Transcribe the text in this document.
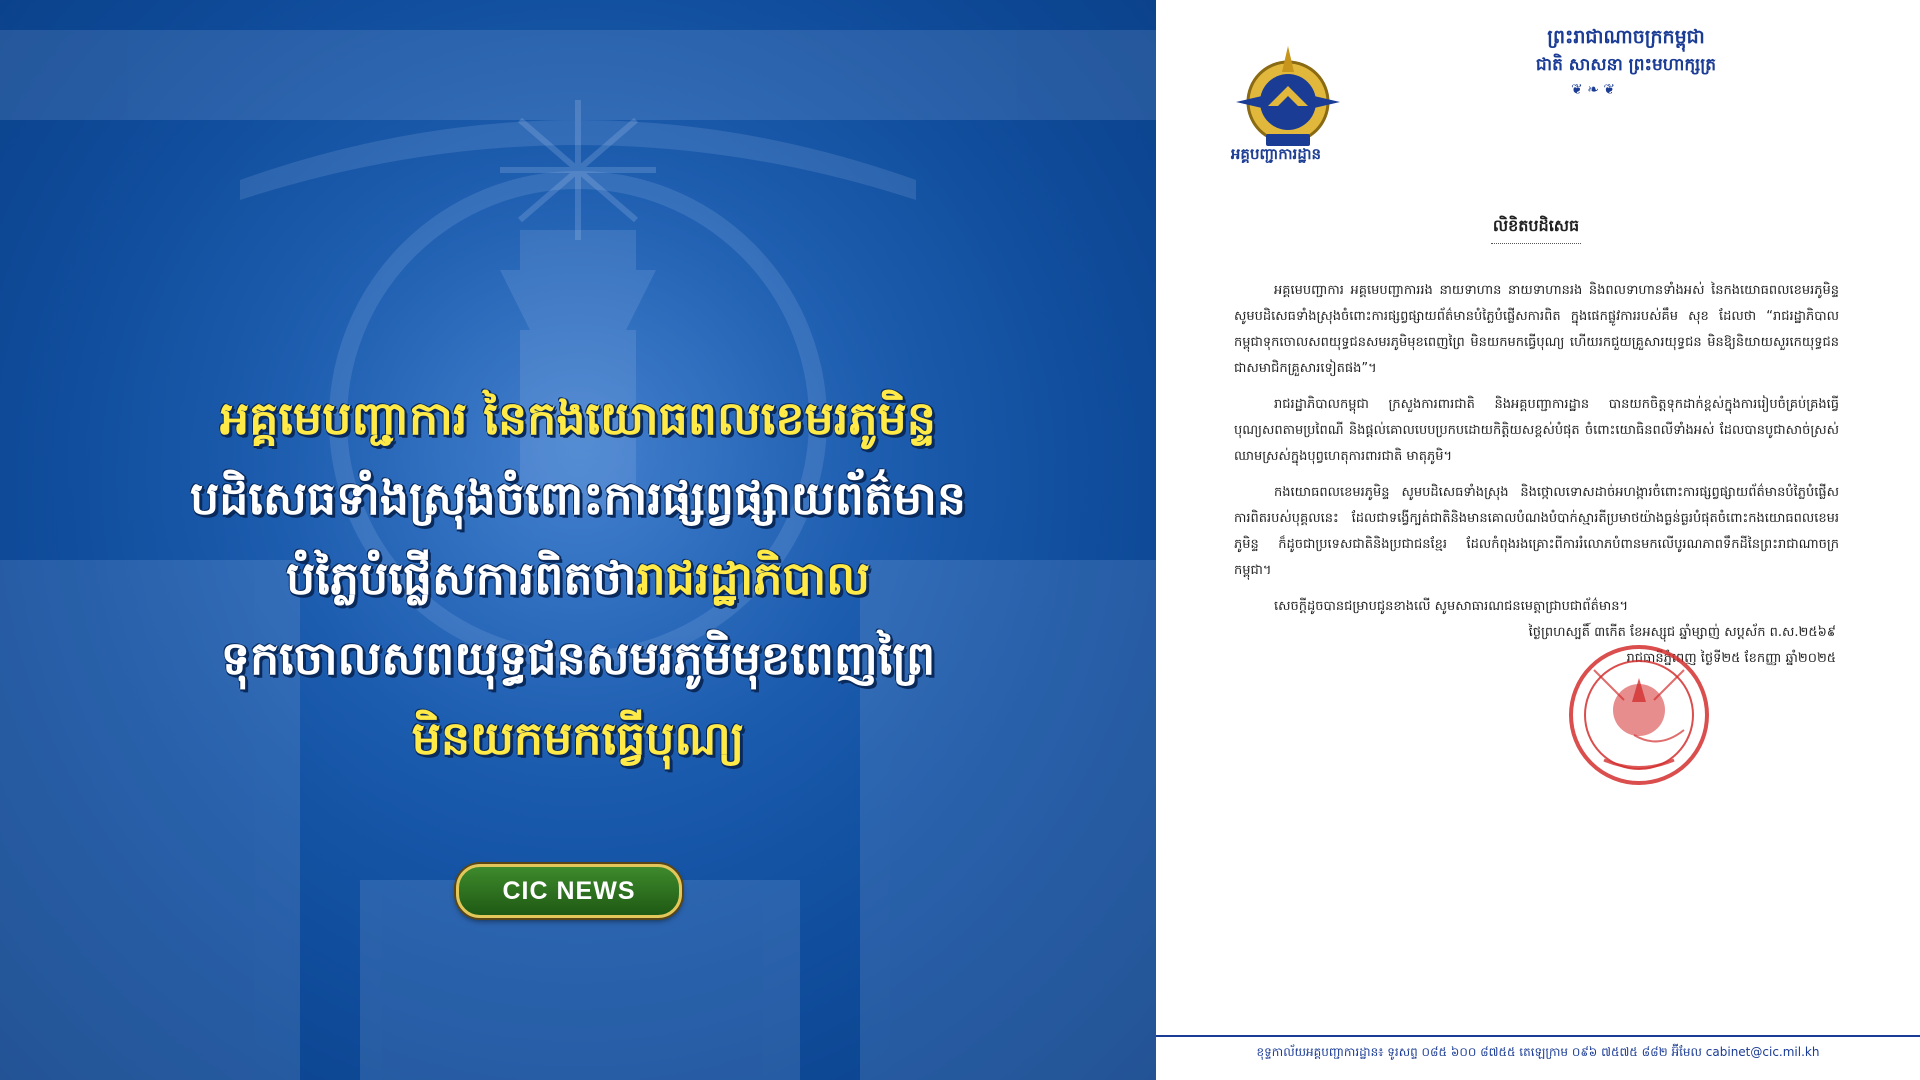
អគ្គមេបញ្ជាការ នៃកងយោធពលខេមរភូមិន្ទ
បដិសេធទាំងស្រុងចំពោះការផ្សព្វផ្សាយព័ត៌មាន
បំភ្លៃបំផ្លើសការពិតថារាជរដ្ឋាភិបាល
ទុកចោលសពយុទ្ធជនសមរភូមិមុខពេញព្រៃ
មិនយកមកធ្វើបុណ្យ
CIC NEWS
អគ្គបញ្ជាការដ្ឋាន
ព្រះរាជាណាចក្រកម្ពុជា
ជាតិ សាសនា ព្រះមហាក្សត្រ
❦ ❧ ❦
លិខិតបដិសេធ

អគ្គមេបញ្ជាការ អគ្គមេបញ្ជាការរង នាយទាហាន នាយទាហានរង និងពលទាហានទាំងអស់ នៃកងយោធពលខេមរភូមិន្ទ សូមបដិសេធទាំងស្រុងចំពោះការផ្សព្វផ្សាយព័ត៌មានបំភ្លៃបំផ្លើសការពិត ក្នុងផេកផ្លូវការរបស់គឹម សុខ ដែលថា “រាជរដ្ឋាភិបាលកម្ពុជាទុកចោលសពយុទ្ធជនសមរភូមិមុខពេញព្រៃ មិនយកមកធ្វើបុណ្យ ហើយរកជួយគ្រួសារយុទ្ធជន មិនឱ្យនិយាយសួរកេយុទ្ធជនជាសមាជិកគ្រួសារទៀតផង”។

រាជរដ្ឋាភិបាលកម្ពុជា ក្រសួងការពារជាតិ និងអគ្គបញ្ជាការដ្ឋាន បានយកចិត្តទុកដាក់ខ្ពស់ក្នុងការរៀបចំគ្រប់គ្រងធ្វើបុណ្យសពតាមប្រពៃណី និងផ្ដល់គោលបេបប្រកបដោយកិត្តិយសខ្ពស់បំផុត ចំពោះយោធិនពលីទាំងអស់ ដែលបានបូជាសាច់ស្រស់ឈាមស្រស់ក្នុងបុព្វហេតុការពារជាតិ មាតុភូមិ។

កងយោធពលខេមរភូមិន្ទ សូមបដិសេធទាំងស្រុង និងថ្កោលទោសដាច់អហង្ការចំពោះការផ្សព្វផ្សាយព័ត៌មានបំភ្លៃបំផ្លើសការពិតរបស់បុគ្គលនេះ ដែលជាទង្វើក្បត់ជាតិនិងមានគោលបំណងបំបាក់ស្មារតីប្រមាថយ៉ាងធ្ងន់ធ្ងរបំផុតចំពោះកងយោធពលខេមរភូមិន្ទ ក៏ដូចជាប្រទេសជាតិនិងប្រជាជនខ្មែរ ដែលកំពុងរងគ្រោះពីការរំលោភបំពានមកលើបូរណភាពទឹកដីនៃព្រះរាជាណាចក្រកម្ពុជា។

សេចក្ដីដូចបានជម្រាបជូនខាងលើ សូមសាធារណជនមេត្តាជ្រាបជាព័ត៌មាន។

ថ្ងៃព្រហស្បតិ៍ ៣កើត ខែអស្សុជ ឆ្នាំម្សាញ់ សប្តស័ក ព.ស.២៥៦៩
រាជធានីភ្នំពេញ ថ្ងៃទី២៥ ខែកញ្ញា ឆ្នាំ២០២៥
ខុទ្ទកាល័យអគ្គបញ្ជាការដ្ឋាន៖ ទូរសព្ទ ០៨៥ ៦០០ ៨៧៥៥ តេឡេក្រាម ០៩៦ ៧៥៧៥ ៨៨២ អ៊ីមែល cabinet@cic.mil.kh
